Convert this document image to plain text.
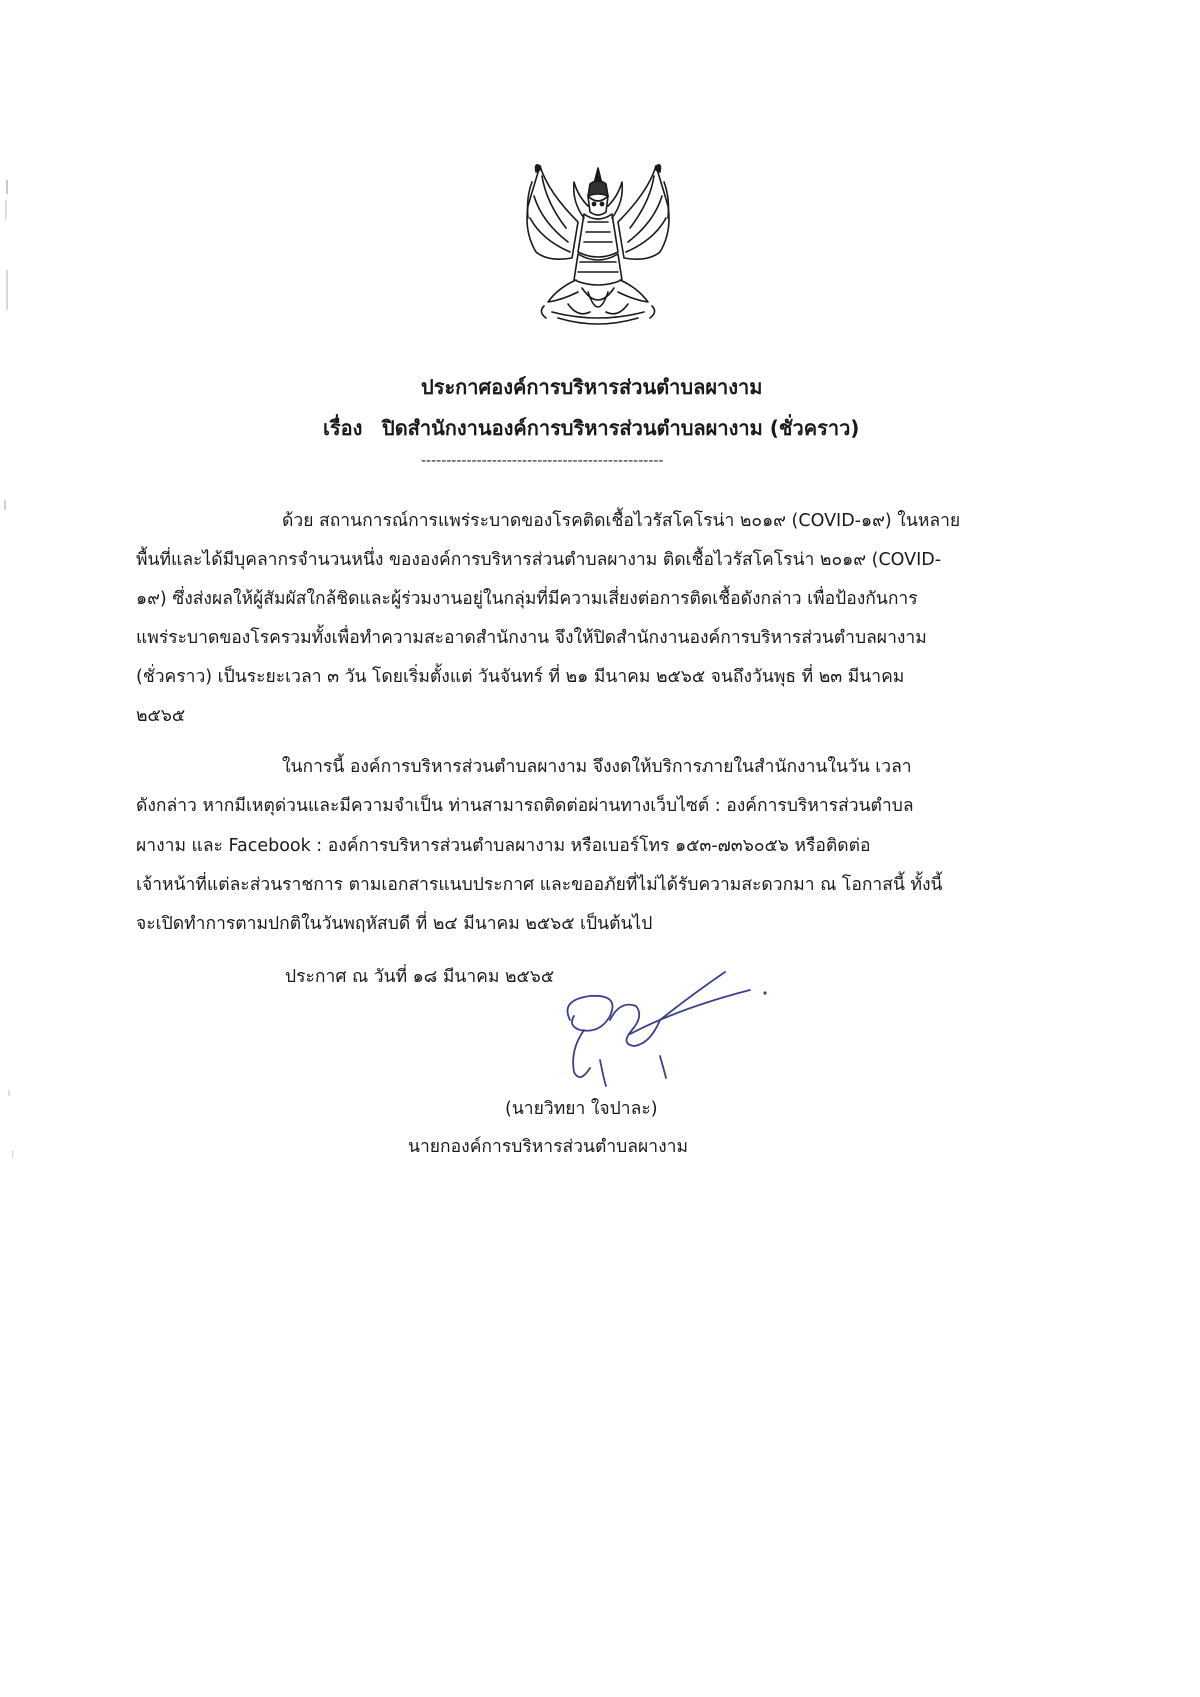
ประกาศองค์การบริหารส่วนตำบลผางาม
เรื่อง ปิดสำนักงานองค์การบริหารส่วนตำบลผางาม (ชั่วคราว)
------------------------------------------------
ด้วย สถานการณ์การแพร่ระบาดของโรคติดเชื้อไวรัสโคโรน่า ๒๐๑๙ (COVID-๑๙) ในหลาย
พื้นที่และได้มีบุคลากรจำนวนหนึ่ง ขององค์การบริหารส่วนตำบลผางาม ติดเชื้อไวรัสโคโรน่า ๒๐๑๙ (COVID-
๑๙) ซึ่งส่งผลให้ผู้สัมผัสใกล้ชิดและผู้ร่วมงานอยู่ในกลุ่มที่มีความเสี่ยงต่อการติดเชื้อดังกล่าว เพื่อป้องกันการ
แพร่ระบาดของโรครวมทั้งเพื่อทำความสะอาดสำนักงาน จึงให้ปิดสำนักงานองค์การบริหารส่วนตำบลผางาม
(ชั่วคราว) เป็นระยะเวลา ๓ วัน โดยเริ่มตั้งแต่ วันจันทร์ ที่ ๒๑ มีนาคม ๒๕๖๕ จนถึงวันพุธ ที่ ๒๓ มีนาคม
๒๕๖๕
ในการนี้ องค์การบริหารส่วนตำบลผางาม จึงงดให้บริการภายในสำนักงานในวัน เวลา
ดังกล่าว หากมีเหตุด่วนและมีความจำเป็น ท่านสามารถติดต่อผ่านทางเว็บไซต์ : องค์การบริหารส่วนตำบล
ผางาม และ Facebook : องค์การบริหารส่วนตำบลผางาม หรือเบอร์โทร ๑๕๓-๗๓๖๐๕๖ หรือติดต่อ
เจ้าหน้าที่แต่ละส่วนราชการ ตามเอกสารแนบประกาศ และขออภัยที่ไม่ได้รับความสะดวกมา ณ โอกาสนี้ ทั้งนี้
จะเปิดทำการตามปกติในวันพฤหัสบดี ที่ ๒๔ มีนาคม ๒๕๖๕ เป็นต้นไป
ประกาศ ณ วันที่ ๑๘ มีนาคม ๒๕๖๕
(นายวิทยา ใจปาละ)
นายกองค์การบริหารส่วนตำบลผางาม
